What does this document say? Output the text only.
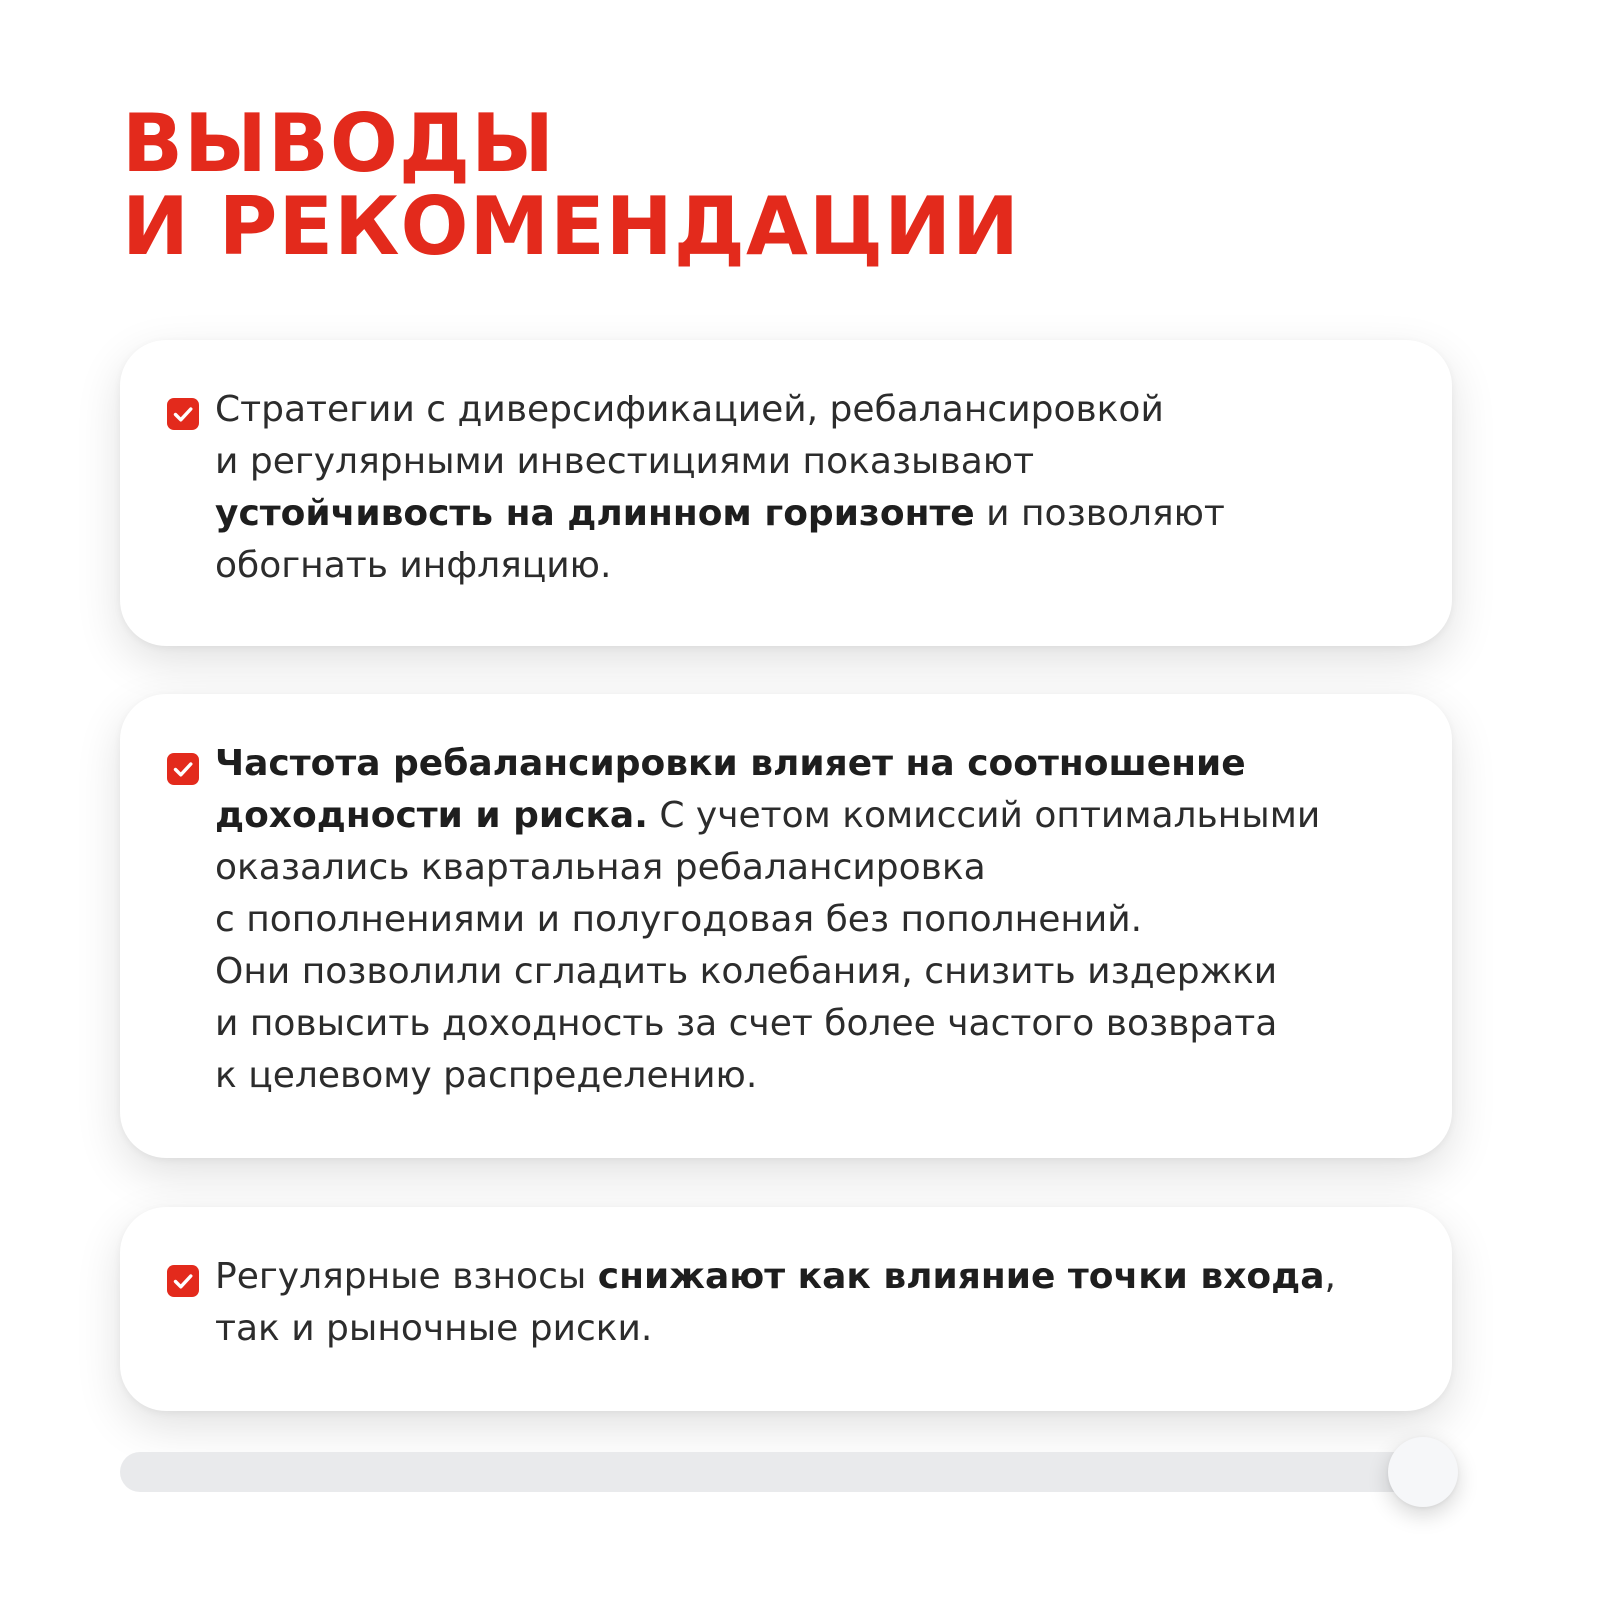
ВЫВОДЫ
И РЕКОМЕНДАЦИИ
Стратегии с диверсификацией, ребалансировкой
и регулярными инвестициями показывают
устойчивость на длинном горизонте и позволяют
обогнать инфляцию.
Частота ребалансировки влияет на соотношение
доходности и риска. С учетом комиссий оптимальными
оказались квартальная ребалансировка
с пополнениями и полугодовая без пополнений.
Они позволили сгладить колебания, снизить издержки
и повысить доходность за счет более частого возврата
к целевому распределению.
Регулярные взносы снижают как влияние точки входа,
так и рыночные риски.
